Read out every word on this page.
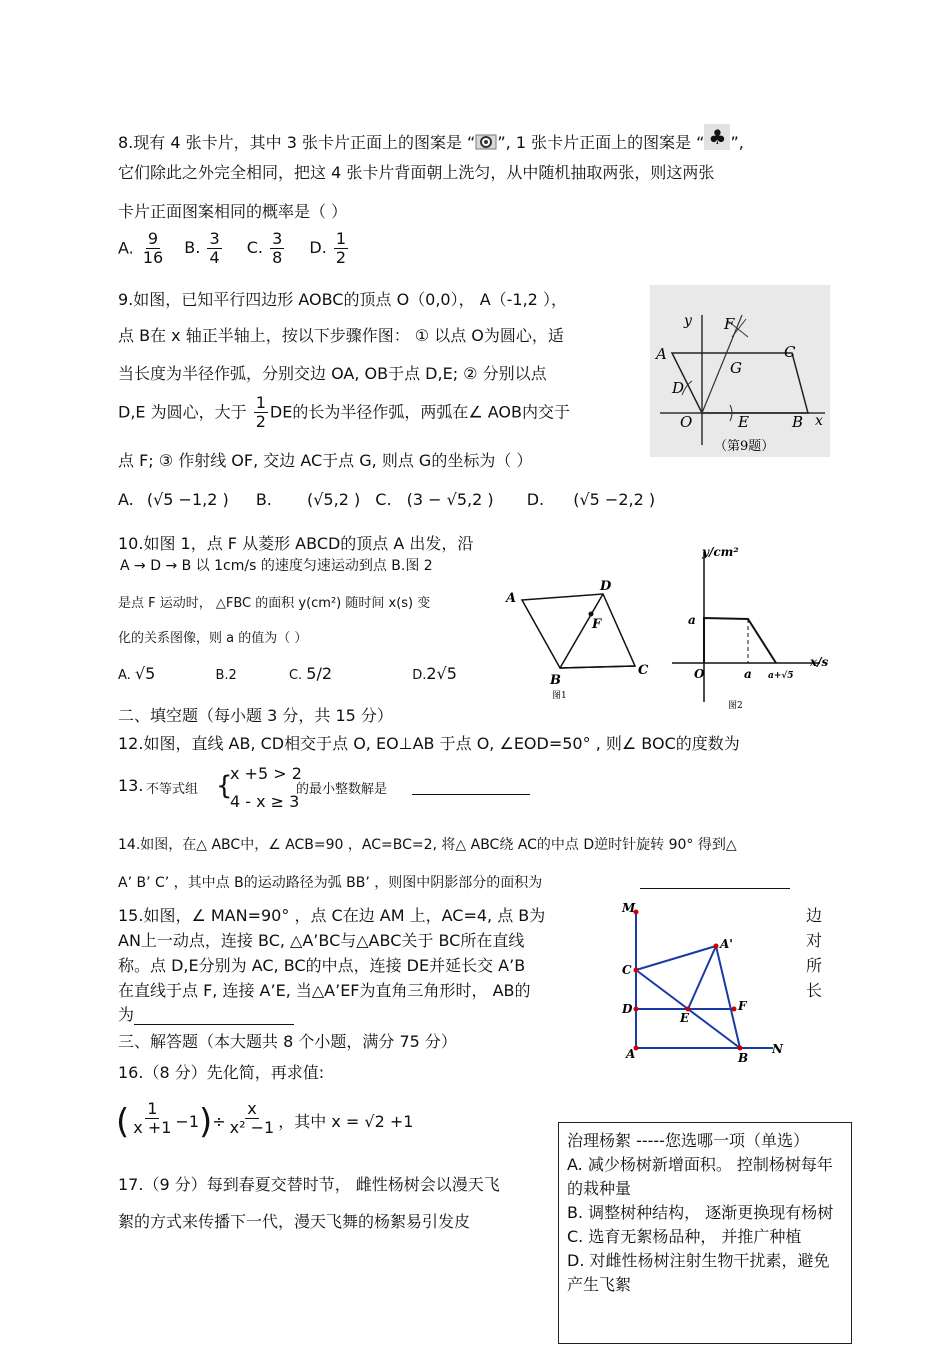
8.现有 4 张卡片，其中 3 张卡片正面上的图案是 “ ”, 1 张卡片正面上的图案是 “ ♣ ”,
它们除此之外完全相同，把这 4 张卡片背面朝上洗匀，从中随机抽取两张，则这两张
卡片正面图案相同的概率是（ ）
A. $\frac{9}{16} B$. $\frac{3}{4} C$. $\frac{3}{8} D$. $\frac{1}{2}$
9.如图，已知平行四边形 AOBC的顶点 O（0,0）， A（-1,2 ），
点 B在 x 轴正半轴上，按以下步骤作图： ① 以点 O为圆心，适
当长度为半径作弧，分别交边 OA, OB于点 D,E; ② 分别以点
D,E 为圆心，大于 $\frac{1}{2}$ DE的长为半径作弧，两弧在∠ AOB内交于
点 F; ③ 作射线 OF, 交边 AC于点 G, 则点 G的坐标为（ ）
A. (√5 −1,2 ) B. (√5,2 ) C. (3 − √5,2 ) D. (√5 −2,2 )
y F
A
G
C
D
O	E	B x
（第9题）
10.如图 1，点 F 从菱形 ABCD的顶点 A 出发，沿
A → D → B 以 1cm/s 的速度匀速运动到点 B.图 2
是点 F 运动时， △FBC 的面积 y(cm²) 随时间 x(s) 变
化的关系图像，则 a 的值为（ ）
A. √5	B.2	C. 5/2	D.2√5
A
D
F
B
C
图1
y/cm²
a
O	a a+√5
x/s
图2
二、填空题（每小题 3 分，共 15 分）
12.如图，直线 AB, CD相交于点 O, EO⊥AB 于点 O, ∠EOD=50° , 则∠ BOC的度数为
13. 不等式组 {
x +5 > 2
4 - x ≥ 3
的最小整数解是
14.如图，在△ ABC中，∠ ACB=90 ，AC=BC=2, 将△ ABC绕 AC的中点 D逆时针旋转 90° 得到△
A’ B’ C’ ，其中点 B的运动路径为弧 BB’ ，则图中阴影部分的面积为
15.如图，∠ MAN=90° ，点 C在边 AM 上，AC=4, 点 B为
AN上一动点，连接 BC, △A’BC与△ABC关于 BC所在直线
称。点 D,E分别为 AC, BC的中点，连接 DE并延长交 A’B
在直线于点 F, 连接 A’E, 当△A’EF为直角三角形时， AB的
为
边
对
所
长
M
A'
C
D
E
F
A	B
N
三、解答题（本大题共 8 个小题，满分 75 分）
16.（8 分）先化简，再求值:
( $\frac{1}{x +1} -1)\div \frac{x}{\text{x² −1}}$ ，其中 x = √2 +1
17.（9 分）每到春夏交替时节， 雌性杨树会以漫天飞
絮的方式来传播下一代，漫天飞舞的杨絮易引发皮
治理杨絮 -----您选哪一项（单选）
A. 减少杨树新增面积。 控制杨树每年的栽种量
B. 调整树种结构， 逐渐更换现有杨树
C. 选育无絮杨品种， 并推广种植
D. 对雌性杨树注射生物干扰素，避免产生飞絮
